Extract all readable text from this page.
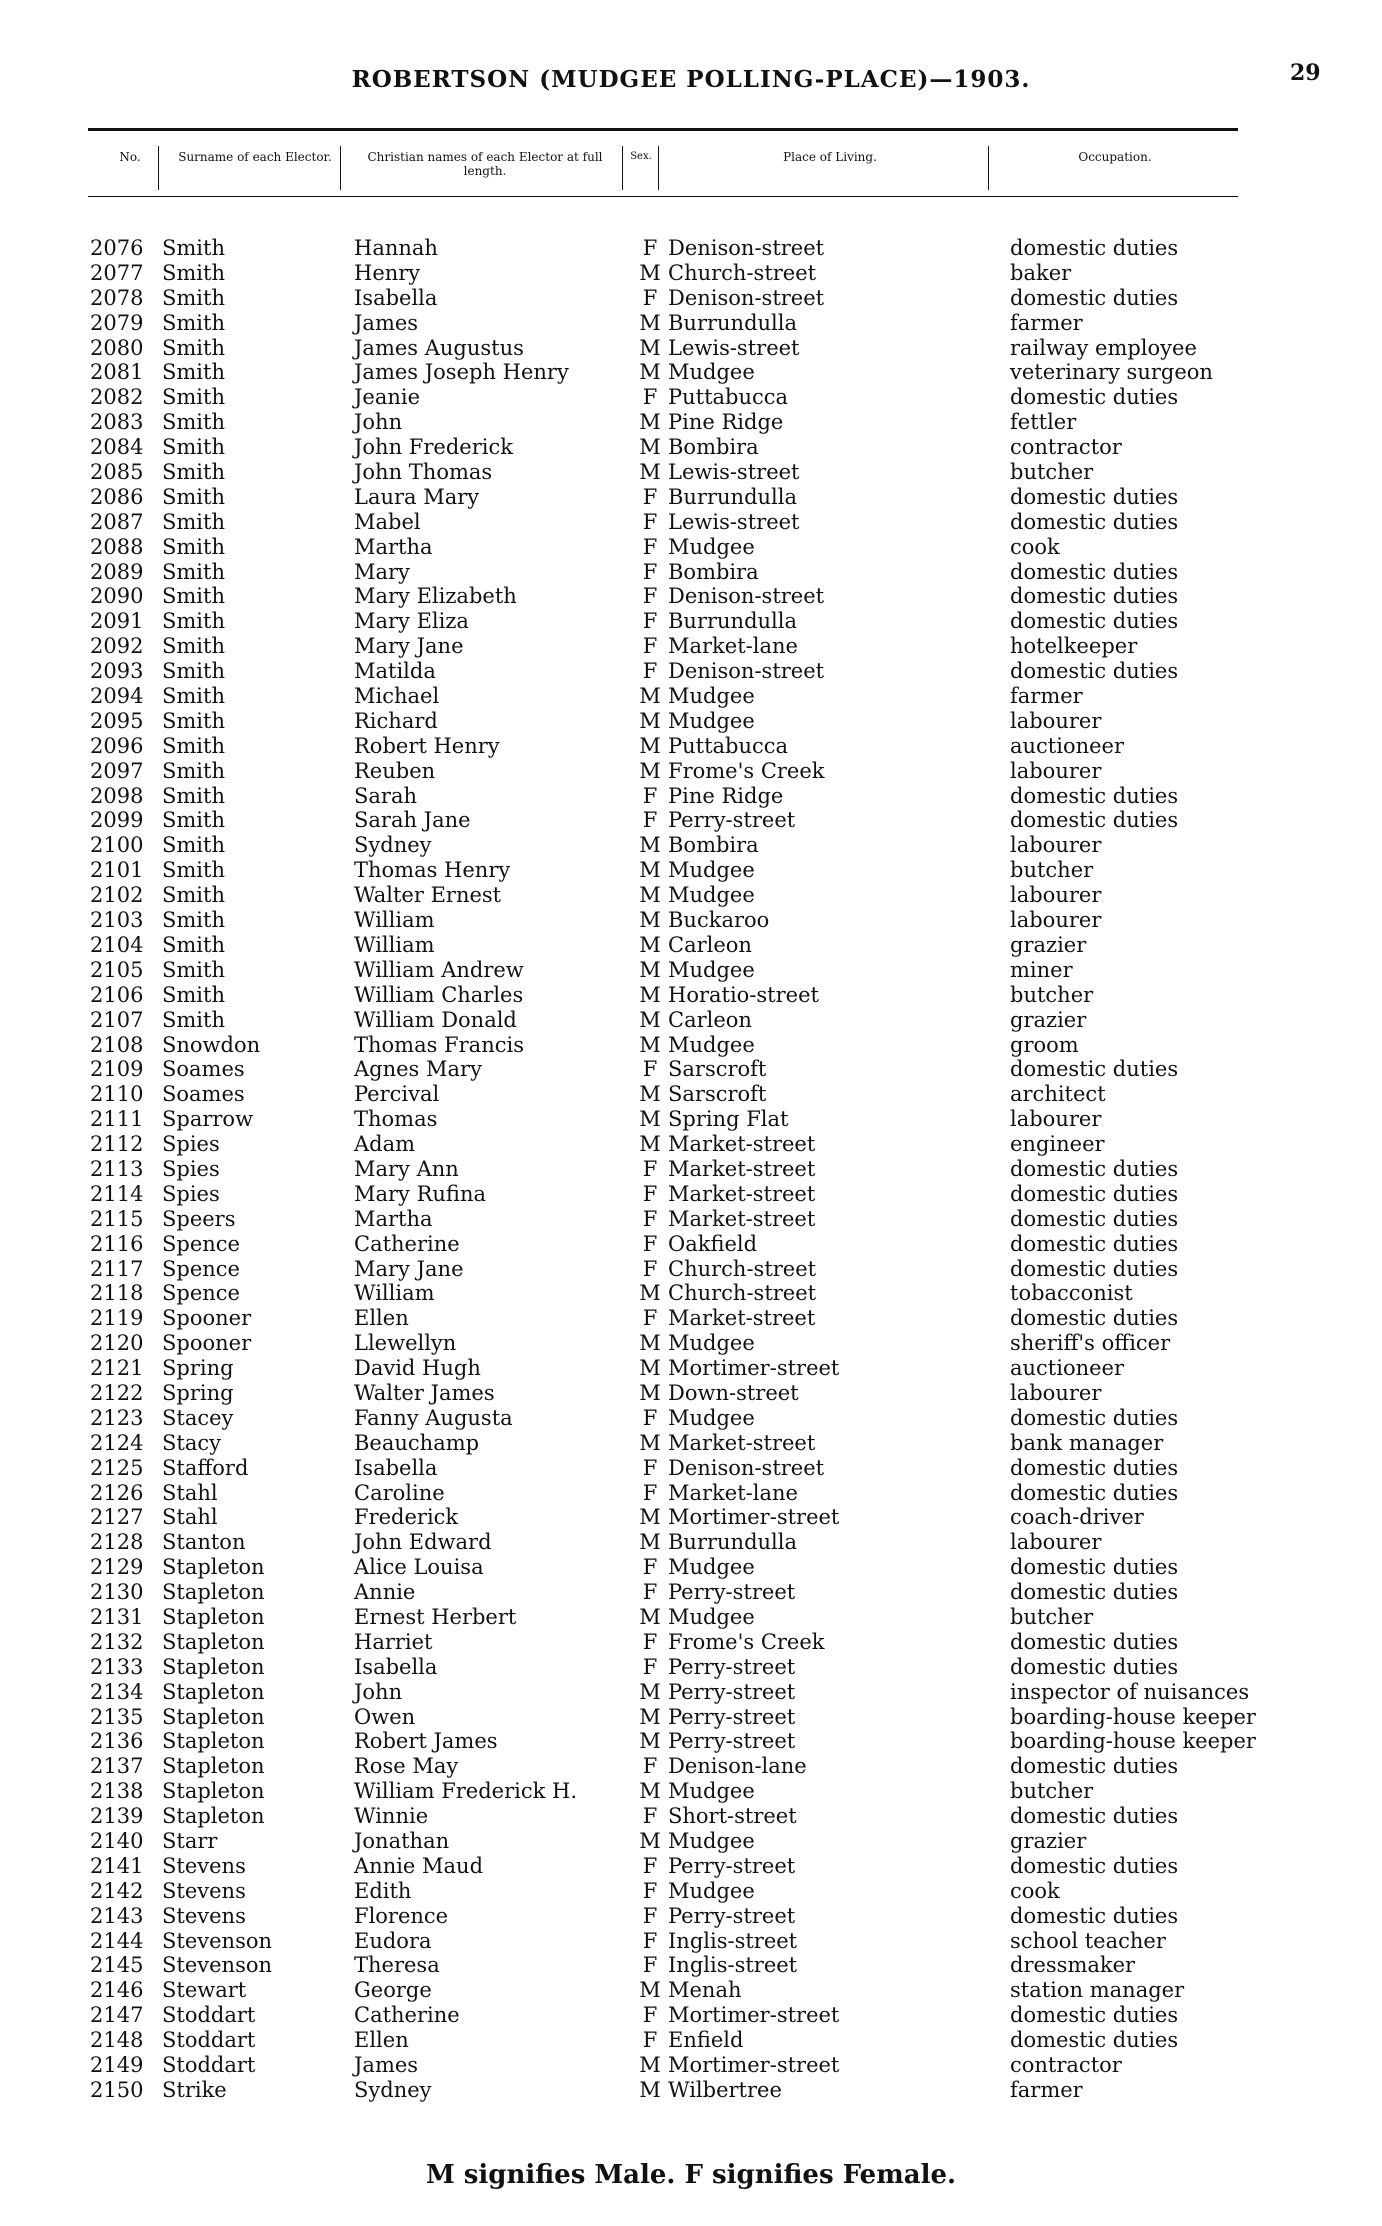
ROBERTSON (MUDGEE POLLING-PLACE)—1903.	29
No.	Surname of each Elector.	Christian names of each Elector at full length.
Sex.	Place of Living.	Occupation.
2076 Smith	Hannah	F Denison-street	domestic duties
2077 Smith	Henry	M Church-street	baker
2078 Smith	Isabella	F Denison-street	domestic duties
2079 Smith	James	M Burrundulla	farmer
2080 Smith	James Augustus	M Lewis-street	railway employee
2081 Smith	James Joseph Henry	M Mudgee	veterinary surgeon
2082 Smith	Jeanie	F Puttabucca	domestic duties
2083 Smith	John	M Pine Ridge	fettler
2084 Smith	John Frederick	M Bombira	contractor
2085 Smith	John Thomas	M Lewis-street	butcher
2086 Smith	Laura Mary	F Burrundulla	domestic duties
2087 Smith	Mabel	F Lewis-street	domestic duties
2088 Smith	Martha	F Mudgee	cook
2089 Smith	Mary	F Bombira	domestic duties
2090 Smith	Mary Elizabeth	F Denison-street	domestic duties
2091 Smith	Mary Eliza	F Burrundulla	domestic duties
2092 Smith	Mary Jane	F Market-lane	hotelkeeper
2093 Smith	Matilda	F Denison-street	domestic duties
2094 Smith	Michael	M Mudgee	farmer
2095 Smith	Richard	M Mudgee	labourer
2096 Smith	Robert Henry	M Puttabucca	auctioneer
2097 Smith	Reuben	M Frome's Creek	labourer
2098 Smith	Sarah	F Pine Ridge	domestic duties
2099 Smith	Sarah Jane	F Perry-street	domestic duties
2100 Smith	Sydney	M Bombira	labourer
2101 Smith	Thomas Henry	M Mudgee	butcher
2102 Smith	Walter Ernest	M Mudgee	labourer
2103 Smith	William	M Buckaroo	labourer
2104 Smith	William	M Carleon	grazier
2105 Smith	William Andrew	M Mudgee	miner
2106 Smith	William Charles	M Horatio-street	butcher
2107 Smith	William Donald	M Carleon	grazier
2108 Snowdon	Thomas Francis	M Mudgee	groom
2109 Soames	Agnes Mary	F Sarscroft	domestic duties
2110 Soames	Percival	M Sarscroft	architect
2111 Sparrow	Thomas	M Spring Flat	labourer
2112 Spies	Adam	M Market-street	engineer
2113 Spies	Mary Ann	F Market-street	domestic duties
2114 Spies	Mary Rufina	F Market-street	domestic duties
2115 Speers	Martha	F Market-street	domestic duties
2116 Spence	Catherine	F Oakfield	domestic duties
2117 Spence	Mary Jane	F Church-street	domestic duties
2118 Spence	William	M Church-street	tobacconist
2119 Spooner	Ellen	F Market-street	domestic duties
2120 Spooner	Llewellyn	M Mudgee	sheriff's officer
2121 Spring	David Hugh	M Mortimer-street	auctioneer
2122 Spring	Walter James	M Down-street	labourer
2123 Stacey	Fanny Augusta	F Mudgee	domestic duties
2124 Stacy	Beauchamp	M Market-street	bank manager
2125 Stafford	Isabella	F Denison-street	domestic duties
2126 Stahl	Caroline	F Market-lane	domestic duties
2127 Stahl	Frederick	M Mortimer-street	coach-driver
2128 Stanton	John Edward	M Burrundulla	labourer
2129 Stapleton	Alice Louisa	F Mudgee	domestic duties
2130 Stapleton	Annie	F Perry-street	domestic duties
2131 Stapleton	Ernest Herbert	M Mudgee	butcher
2132 Stapleton	Harriet	F Frome's Creek	domestic duties
2133 Stapleton	Isabella	F Perry-street	domestic duties
2134 Stapleton	John	M Perry-street	inspector of nuisances
2135 Stapleton	Owen	M Perry-street	boarding-house keeper
2136 Stapleton	Robert James	M Perry-street	boarding-house keeper
2137 Stapleton	Rose May	F Denison-lane	domestic duties
2138 Stapleton	William Frederick H.	M Mudgee	butcher
2139 Stapleton	Winnie	F Short-street	domestic duties
2140 Starr	Jonathan	M Mudgee	grazier
2141 Stevens	Annie Maud	F Perry-street	domestic duties
2142 Stevens	Edith	F Mudgee	cook
2143 Stevens	Florence	F Perry-street	domestic duties
2144 Stevenson	Eudora	F Inglis-street	school teacher
2145 Stevenson	Theresa	F Inglis-street	dressmaker
2146 Stewart	George	M Menah	station manager
2147 Stoddart	Catherine	F Mortimer-street	domestic duties
2148 Stoddart	Ellen	F Enfield	domestic duties
2149 Stoddart	James	M Mortimer-street	contractor
2150 Strike	Sydney	M Wilbertree	farmer
M signifies Male. F signifies Female.
